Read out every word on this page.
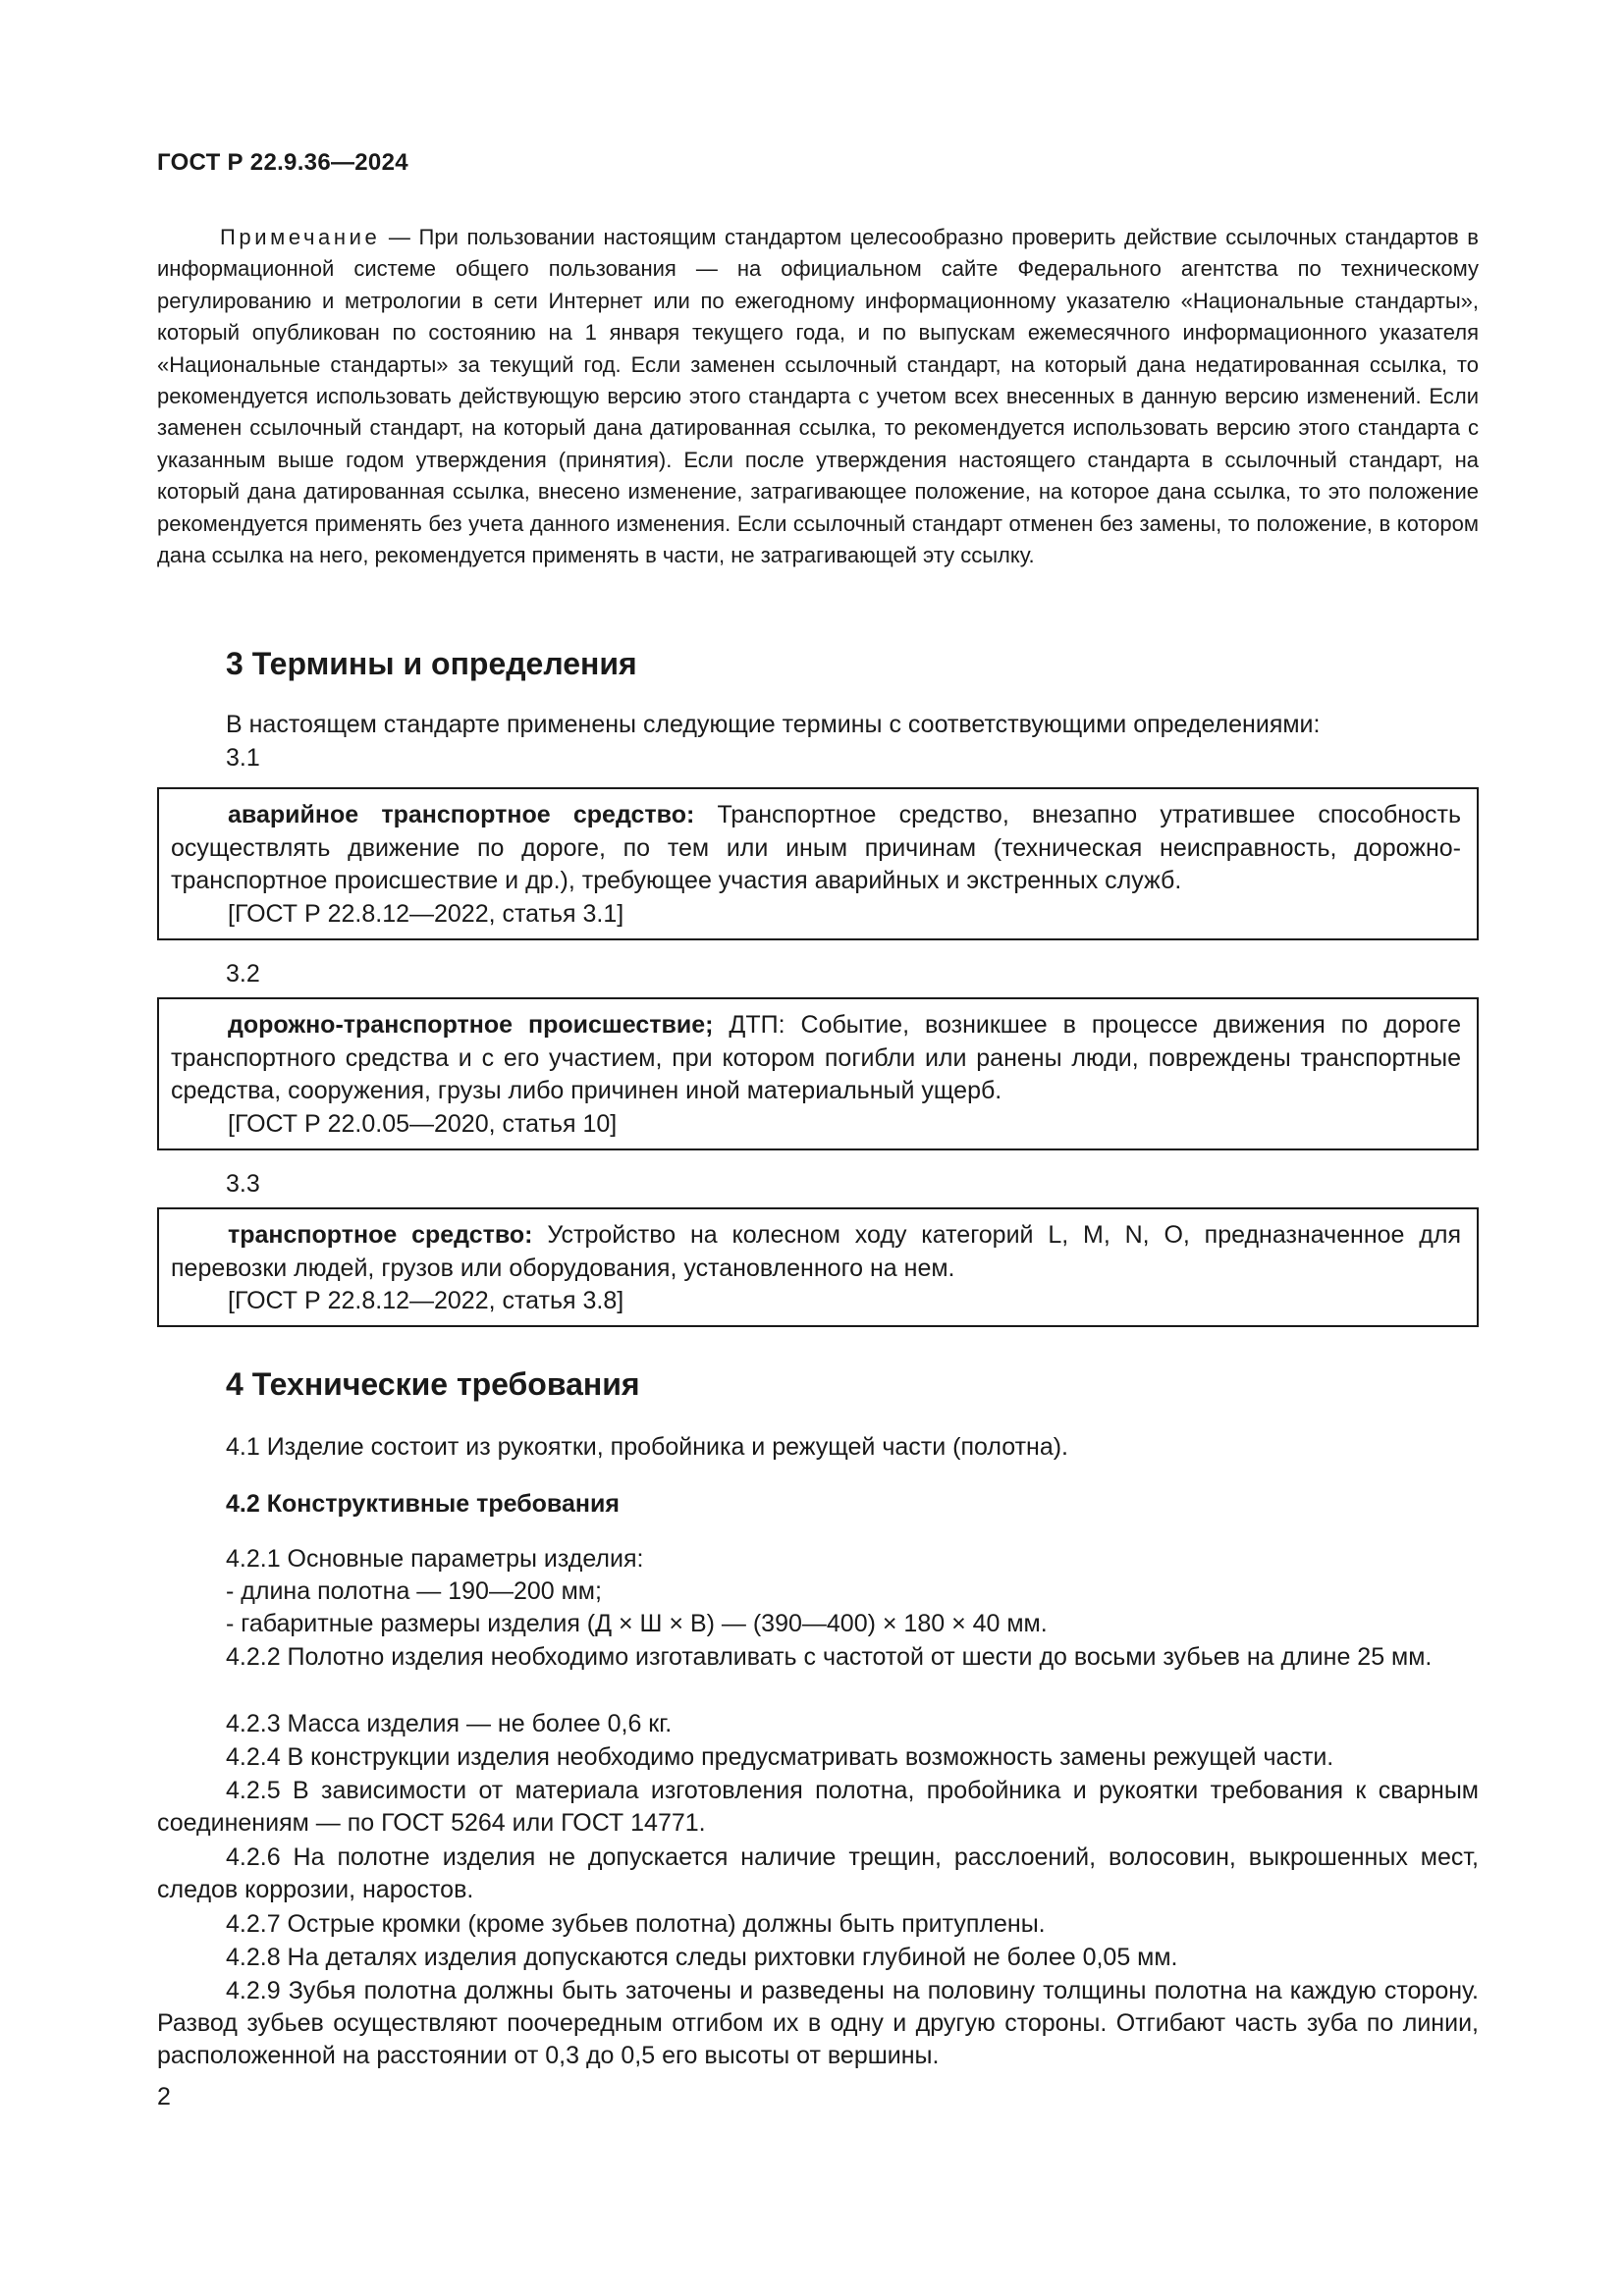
ГОСТ Р 22.9.36—2024

Примечание — При пользовании настоящим стандартом целесообразно проверить действие ссылочных стандартов в информационной системе общего пользования — на официальном сайте Федерального агентства по техническому регулированию и метрологии в сети Интернет или по ежегодному информационному указателю «Национальные стандарты», который опубликован по состоянию на 1 января текущего года, и по выпускам ежемесячного информационного указателя «Национальные стандарты» за текущий год. Если заменен ссылочный стандарт, на который дана недатированная ссылка, то рекомендуется использовать действующую версию этого стандарта с учетом всех внесенных в данную версию изменений. Если заменен ссылочный стандарт, на который дана датированная ссылка, то рекомендуется использовать версию этого стандарта с указанным выше годом утверждения (принятия). Если после утверждения настоящего стандарта в ссылочный стандарт, на который дана датированная ссылка, внесено изменение, затрагивающее положение, на которое дана ссылка, то это положение рекомендуется применять без учета данного изменения. Если ссылочный стандарт отменен без замены, то положение, в котором дана ссылка на него, рекомендуется применять в части, не затрагивающей эту ссылку.

3 Термины и определения
В настоящем стандарте применены следующие термины с соответствующими определениями:
3.1

аварийное транспортное средство: Транспортное средство, внезапно утратившее способность осуществлять движение по дороге, по тем или иным причинам (техническая неисправность, дорожно-транспортное происшествие и др.), требующее участия аварийных и экстренных служб.

[ГОСТ Р 22.8.12—2022, статья 3.1]

3.2

дорожно-транспортное происшествие; ДТП: Событие, возникшее в процессе движения по дороге транспортного средства и с его участием, при котором погибли или ранены люди, повреждены транспортные средства, сооружения, грузы либо причинен иной материальный ущерб.

[ГОСТ Р 22.0.05—2020, статья 10]

3.3

транспортное средство: Устройство на колесном ходу категорий L, M, N, O, предназначенное для перевозки людей, грузов или оборудования, установленного на нем.

[ГОСТ Р 22.8.12—2022, статья 3.8]

4 Технические требования
4.1 Изделие состоит из рукоятки, пробойника и режущей части (полотна).
4.2 Конструктивные требования
4.2.1 Основные параметры изделия:
- длина полотна — 190—200 мм;
- габаритные размеры изделия (Д × Ш × В) — (390—400) × 180 × 40 мм.
4.2.2 Полотно изделия необходимо изготавливать с частотой от шести до восьми зубьев на длине 25 мм.
4.2.3 Масса изделия — не более 0,6 кг.
4.2.4 В конструкции изделия необходимо предусматривать возможность замены режущей части.
4.2.5 В зависимости от материала изготовления полотна, пробойника и рукоятки требования к сварным соединениям — по ГОСТ 5264 или ГОСТ 14771.
4.2.6 На полотне изделия не допускается наличие трещин, расслоений, волосовин, выкрошенных мест, следов коррозии, наростов.
4.2.7 Острые кромки (кроме зубьев полотна) должны быть притуплены.
4.2.8 На деталях изделия допускаются следы рихтовки глубиной не более 0,05 мм.
4.2.9 Зубья полотна должны быть заточены и разведены на половину толщины полотна на каждую сторону. Развод зубьев осуществляют поочередным отгибом их в одну и другую стороны. Отгибают часть зуба по линии, расположенной на расстоянии от 0,3 до 0,5 его высоты от вершины.
2
